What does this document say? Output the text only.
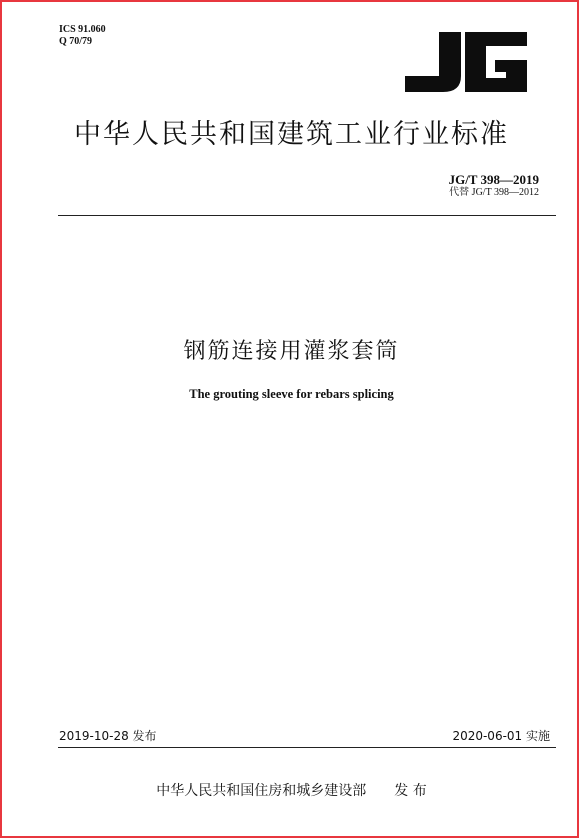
ICS 91.060
Q 70/79
中华人民共和国建筑工业行业标准
JG/T 398—2019
代替 JG/T 398—2012
钢筋连接用灌浆套筒
The grouting sleeve for rebars splicing
2019-10-28 发布	2020-06-01 实施
中华人民共和国住房和城乡建设部 发 布
